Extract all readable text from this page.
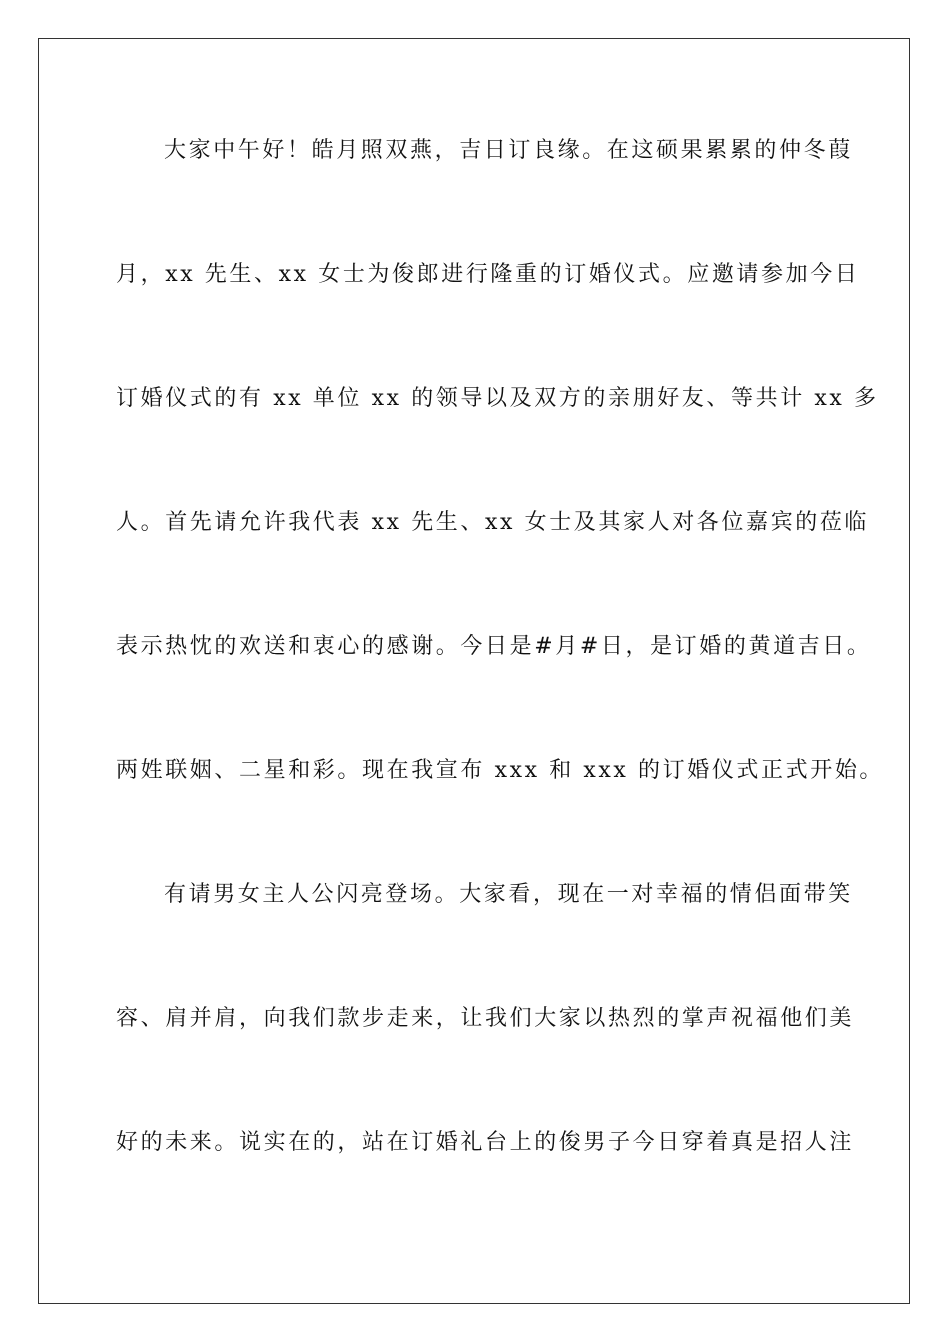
大家中午好！皓月照双燕，吉日订良缘。在这硕果累累的仲冬葭
月，xx 先生、xx 女士为俊郎进行隆重的订婚仪式。应邀请参加今日
订婚仪式的有 xx 单位 xx 的领导以及双方的亲朋好友、等共计 xx 多
人。首先请允许我代表 xx 先生、xx 女士及其家人对各位嘉宾的莅临
表示热忱的欢送和衷心的感谢。今日是#月#日，是订婚的黄道吉日。
两姓联姻、二星和彩。现在我宣布 xxx 和 xxx 的订婚仪式正式开始。
有请男女主人公闪亮登场。大家看，现在一对幸福的情侣面带笑
容、肩并肩，向我们款步走来，让我们大家以热烈的掌声祝福他们美
好的未来。说实在的，站在订婚礼台上的俊男子今日穿着真是招人注
